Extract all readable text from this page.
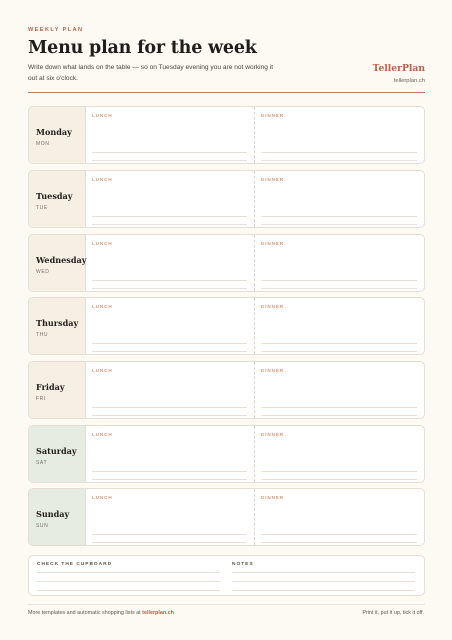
WEEKLY PLAN
Menu plan for the week
Write down what lands on the table — so on Tuesday evening you are not working it out at six o'clock.
TellerPlan
tellerplan.ch
Monday
MON
LUNCH	DINNER
Tuesday
TUE
LUNCH	DINNER
Wednesday
WED
LUNCH	DINNER
Thursday
THU
LUNCH	DINNER
Friday
FRI
LUNCH	DINNER
Saturday
SAT
LUNCH	DINNER
Sunday
SUN
LUNCH	DINNER
CHECK THE CUPBOARD	NOTES
More templates and automatic shopping lists at tellerplan.ch	Print it, put it up, tick it off.
